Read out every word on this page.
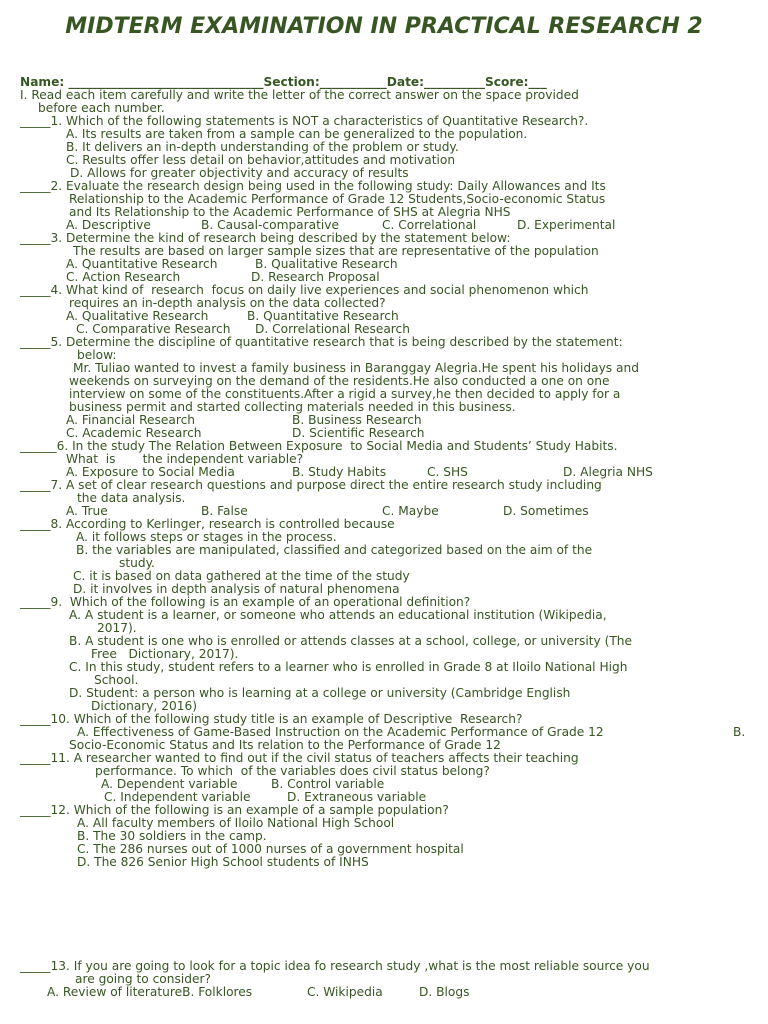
MIDTERM EXAMINATION IN PRACTICAL RESEARCH 2
Name: ________________________________Section:___________Date:__________Score:___
I. Read each item carefully and write the letter of the correct answer on the space provided
before each number.
_____1. Which of the following statements is NOT a characteristics of Quantitative Research?.
A. Its results are taken from a sample can be generalized to the population.
B. It delivers an in-depth understanding of the problem or study.
C. Results offer less detail on behavior,attitudes and motivation
D. Allows for greater objectivity and accuracy of results
_____2. Evaluate the research design being used in the following study: Daily Allowances and Its
Relationship to the Academic Performance of Grade 12 Students,Socio-economic Status
and Its Relationship to the Academic Performance of SHS at Alegria NHS
A. Descriptive	B. Causal-comparative	C. Correlational	D. Experimental
_____3. Determine the kind of research being described by the statement below:
The results are based on larger sample sizes that are representative of the population
A. Quantitative Research	B. Qualitative Research
C. Action Research	D. Research Proposal
_____4. What kind of  research  focus on daily live experiences and social phenomenon which
requires an in-depth analysis on the data collected?
A. Qualitative Research	B. Quantitative Research
C. Comparative Research D. Correlational Research
_____5. Determine the discipline of quantitative research that is being described by the statement:
below:
Mr. Tuliao wanted to invest a family business in Baranggay Alegria.He spent his holidays and
weekends on surveying on the demand of the residents.He also conducted a one on one
interview on some of the constituents.After a rigid a survey,he then decided to apply for a
business permit and started collecting materials needed in this business.
A. Financial Research	B. Business Research
C. Academic Research	D. Scientific Research
______6. In the study The Relation Between Exposure  to Social Media and Students’ Study Habits.
What  is       the independent variable?
A. Exposure to Social Media	B. Study Habits	C. SHS	D. Alegria NHS
_____7. A set of clear research questions and purpose direct the entire research study including
the data analysis.
A. True	B. False	C. Maybe	D. Sometimes
_____8. According to Kerlinger, research is controlled because
A. it follows steps or stages in the process.
B. the variables are manipulated, classified and categorized based on the aim of the
study.
C. it is based on data gathered at the time of the study
D. it involves in depth analysis of natural phenomena
_____9.  Which of the following is an example of an operational definition?
A. A student is a learner, or someone who attends an educational institution (Wikipedia,
2017).
B. A student is one who is enrolled or attends classes at a school, college, or university (The
Free   Dictionary, 2017).
C. In this study, student refers to a learner who is enrolled in Grade 8 at Iloilo National High
School.
D. Student: a person who is learning at a college or university (Cambridge English
Dictionary, 2016)
_____10. Which of the following study title is an example of Descriptive  Research?
A. Effectiveness of Game-Based Instruction on the Academic Performance of Grade 12	B.
Socio-Economic Status and Its relation to the Performance of Grade 12
_____11. A researcher wanted to find out if the civil status of teachers affects their teaching
performance. To which  of the variables does civil status belong?
A. Dependent variable	B. Control variable
C. Independent variable	D. Extraneous variable
_____12. Which of the following is an example of a sample population?
A. All faculty members of Iloilo National High School
B. The 30 soldiers in the camp.
C. The 286 nurses out of 1000 nurses of a government hospital
D. The 826 Senior High School students of INHS
_____13. If you are going to look for a topic idea fo research study ,what is the most reliable source you
are going to consider?
A. Review of literatureB. Folklores	C. Wikipedia	D. Blogs
